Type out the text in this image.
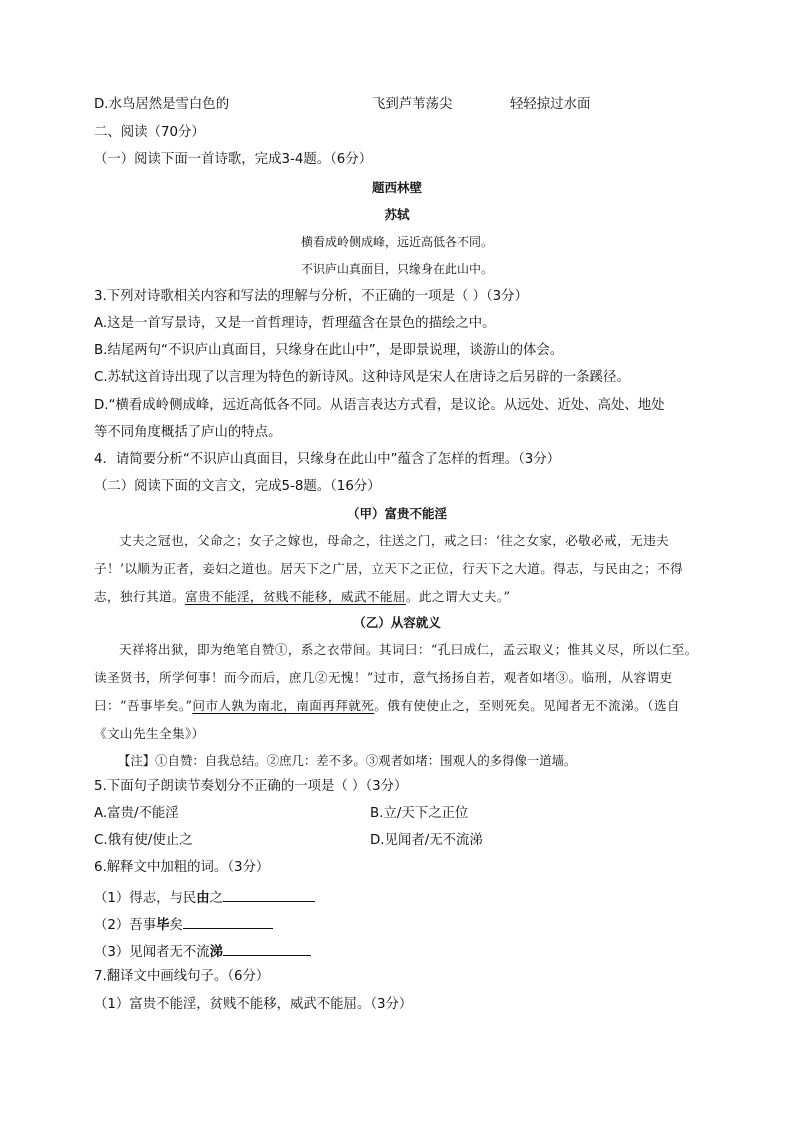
D.水鸟居然是雪白色的	飞到芦苇荡尖	轻轻掠过水面
二、阅读（70分）
（一）阅读下面一首诗歌，完成3-4题。（6分）
题西林壁
苏轼
横看成岭侧成峰，远近高低各不同。
不识庐山真面目，只缘身在此山中。
3.下列对诗歌相关内容和写法的理解与分析，不正确的一项是（ ）（3分）
A.这是一首写景诗，又是一首哲理诗，哲理蕴含在景色的描绘之中。
B.结尾两句“不识庐山真面目，只缘身在此山中”，是即景说理，谈游山的体会。
C.苏轼这首诗出现了以言理为特色的新诗风。这种诗风是宋人在唐诗之后另辟的一条蹊径。
D.“横看成岭侧成峰，远近高低各不同。从语言表达方式看，是议论。从远处、近处、高处、地处
等不同角度概括了庐山的特点。
4．请简要分析“不识庐山真面目，只缘身在此山中”蕴含了怎样的哲理。（3分）
（二）阅读下面的文言文，完成5-8题。（16分）
（甲）富贵不能淫
丈夫之冠也，父命之；女子之嫁也，母命之，往送之门，戒之曰：‘往之女家，必敬必戒，无违夫子！’以顺为正者，妾妇之道也。居天下之广居，立天下之正位，行天下之大道。得志，与民由之；不得志，独行其道。富贵不能淫，贫贱不能移，威武不能屈。此之谓大丈夫。”
（乙）从容就义
天祥将出狱，即为绝笔自赞①，系之衣带间。其词曰：“孔曰成仁，孟云取义；惟其义尽，所以仁至。读圣贤书，所学何事！而今而后，庶几②无愧！”过市，意气扬扬自若，观者如堵③。临刑，从容谓吏曰：“吾事毕矣。”问市人孰为南北，南面再拜就死。俄有使使止之，至则死矣。见闻者无不流涕。（选自《文山先生全集》）
【注】①自赞：自我总结。②庶几：差不多。③观者如堵：围观人的多得像一道墙。
5.下面句子朗读节奏划分不正确的一项是（ ）（3分）
A.富贵/不能淫	B.立/天下之正位
C.俄有使/使止之	D.见闻者/无不流涕
6.解释文中加粗的词。（3分）
（1）得志，与民由之
（2）吾事毕矣
（3）见闻者无不流涕
7.翻译文中画线句子。（6分）
（1）富贵不能淫，贫贱不能移，威武不能屈。（3分）
